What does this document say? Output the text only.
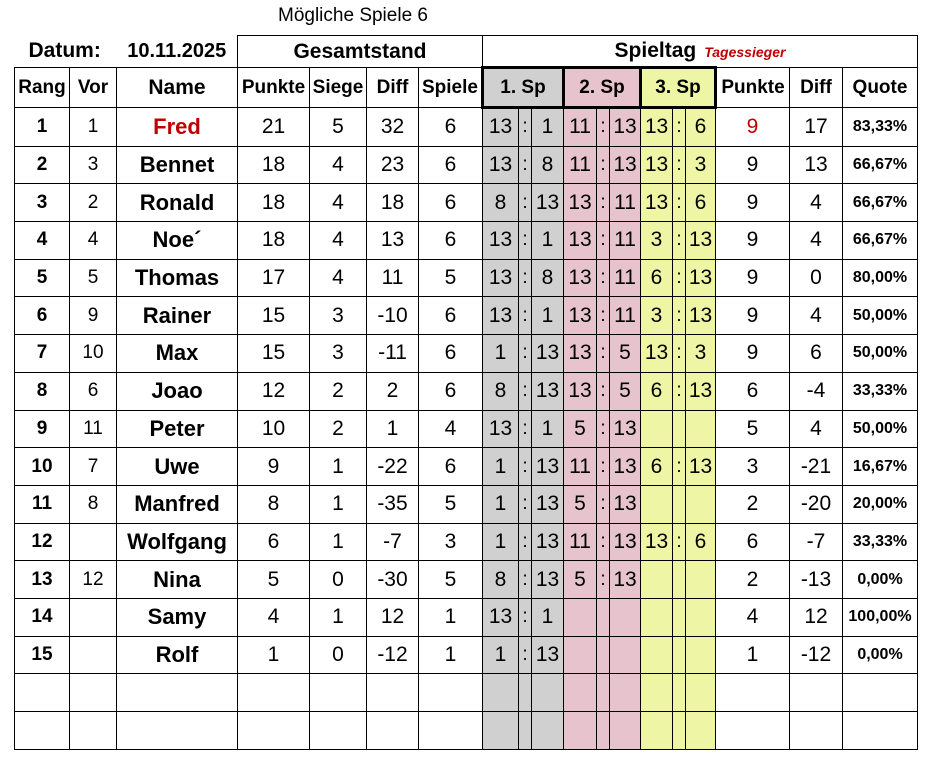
Mögliche Spiele 6
Datum:		10.11.2025	Gesamtstand				Spieltag Tagessieger											
Rang	Vor	Name	Punkte	Siege	Diff	Spiele	1. Sp			2. Sp			3. Sp			Punkte	Diff	Quote
1	1	Fred	21	5	32	6	13	:	1	11	:	13	13	:	6	9	17	83,33%
2	3	Bennet	18	4	23	6	13	:	8	11	:	13	13	:	3	9	13	66,67%
3	2	Ronald	18	4	18	6	8	:	13	13	:	11	13	:	6	9	4	66,67%
4	4	Noe´	18	4	13	6	13	:	1	13	:	11	3	:	13	9	4	66,67%
5	5	Thomas	17	4	11	5	13	:	8	13	:	11	6	:	13	9	0	80,00%
6	9	Rainer	15	3	-10	6	13	:	1	13	:	11	3	:	13	9	4	50,00%
7	10	Max	15	3	-11	6	1	:	13	13	:	5	13	:	3	9	6	50,00%
8	6	Joao	12	2	2	6	8	:	13	13	:	5	6	:	13	6	-4	33,33%
9	11	Peter	10	2	1	4	13	:	1	5	:	13				5	4	50,00%
10	7	Uwe	9	1	-22	6	1	:	13	11	:	13	6	:	13	3	-21	16,67%
11	8	Manfred	8	1	-35	5	1	:	13	5	:	13				2	-20	20,00%
12		Wolfgang	6	1	-7	3	1	:	13	11	:	13	13	:	6	6	-7	33,33%
13	12	Nina	5	0	-30	5	8	:	13	5	:	13				2	-13	0,00%
14		Samy	4	1	12	1	13	:	1							4	12	100,00%
15		Rolf	1	0	-12	1	1	:	13							1	-12	0,00%
